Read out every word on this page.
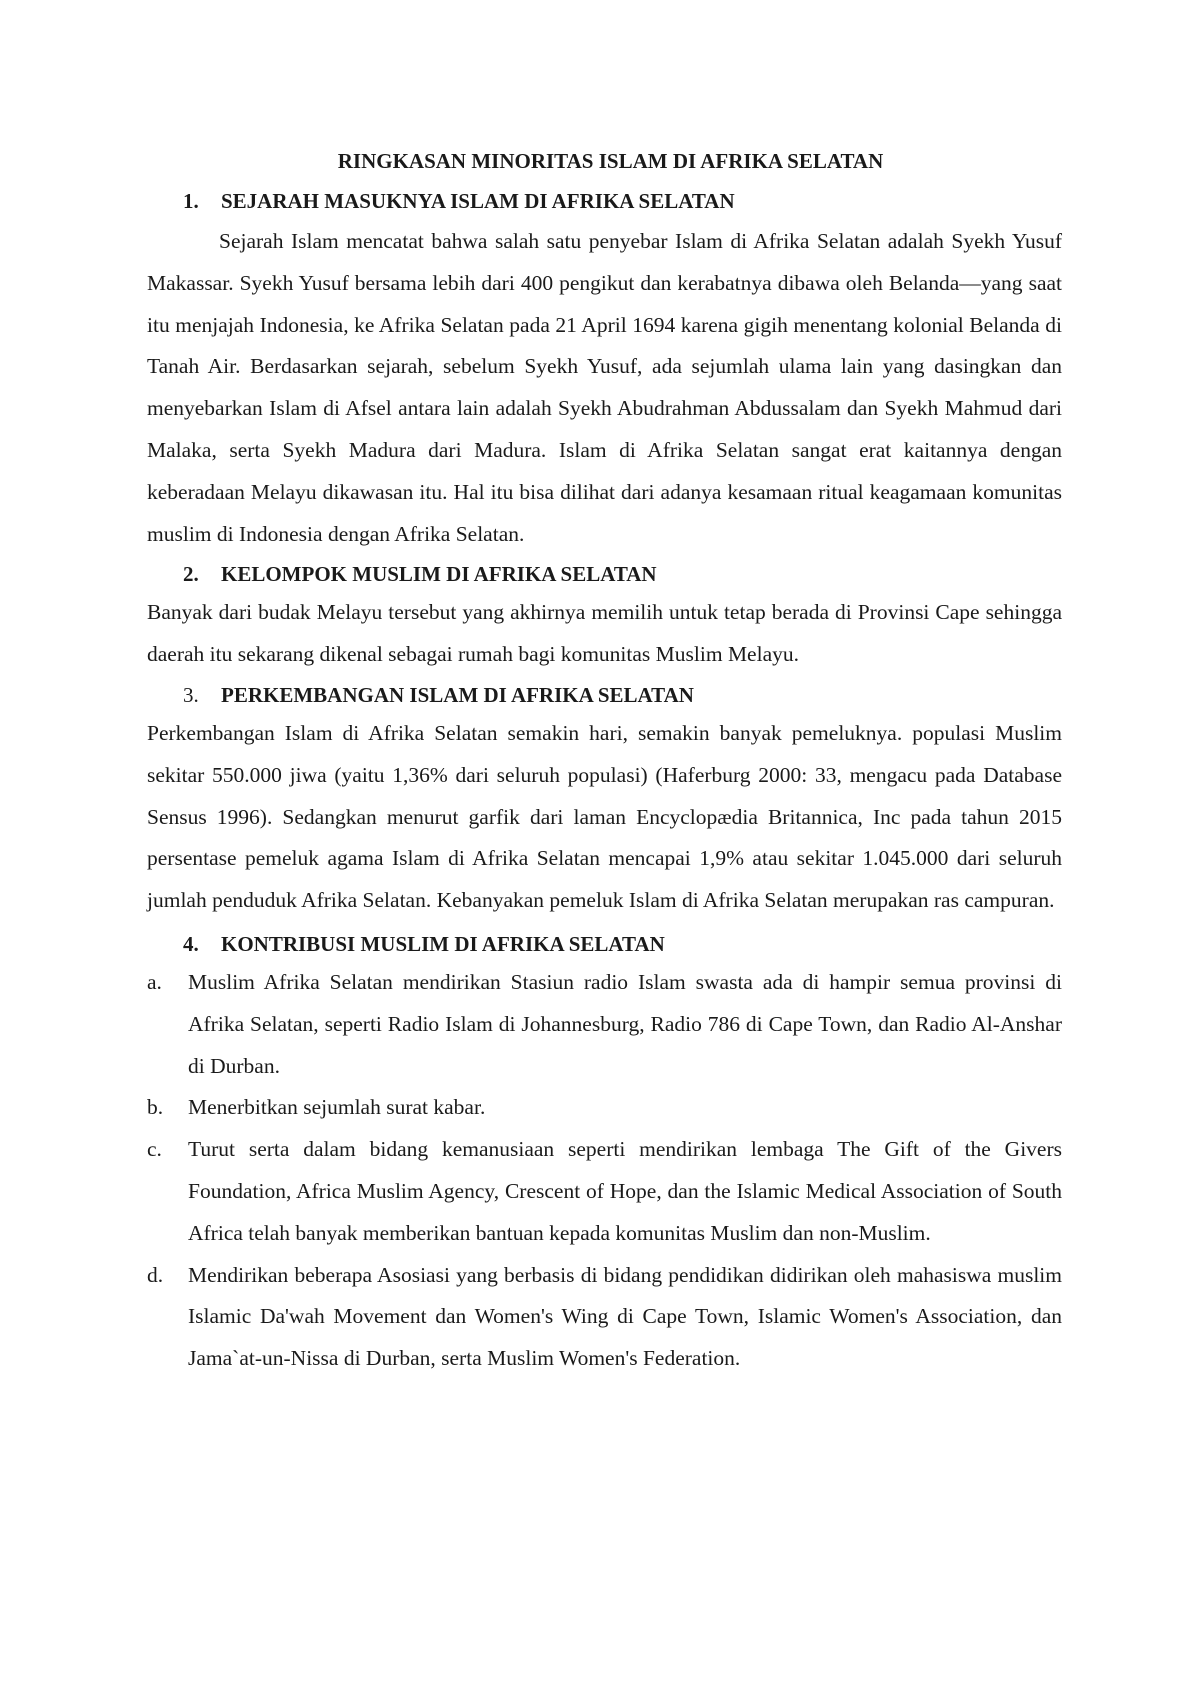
RINGKASAN MINORITAS ISLAM DI AFRIKA SELATAN
1.	SEJARAH MASUKNYA ISLAM DI AFRIKA SELATAN

Sejarah Islam mencatat bahwa salah satu penyebar Islam di Afrika Selatan adalah Syekh Yusuf Makassar. Syekh Yusuf bersama lebih dari 400 pengikut dan kerabatnya dibawa oleh Belanda—yang saat itu menjajah Indonesia, ke Afrika Selatan pada 21 April 1694 karena gigih menentang kolonial Belanda di Tanah Air. Berdasarkan sejarah, sebelum Syekh Yusuf, ada sejumlah ulama lain yang dasingkan dan menyebarkan Islam di Afsel antara lain adalah Syekh Abudrahman Abdussalam dan Syekh Mahmud dari Malaka, serta Syekh Madura dari Madura. Islam di Afrika Selatan sangat erat kaitannya dengan keberadaan Melayu dikawasan itu. Hal itu bisa dilihat dari adanya kesamaan ritual keagamaan komunitas muslim di Indonesia dengan Afrika Selatan.

2.	KELOMPOK MUSLIM DI AFRIKA SELATAN

Banyak dari budak Melayu tersebut yang akhirnya memilih untuk tetap berada di Provinsi Cape sehingga daerah itu sekarang dikenal sebagai rumah bagi komunitas Muslim Melayu.

3.	PERKEMBANGAN ISLAM DI AFRIKA SELATAN

Perkembangan Islam di Afrika Selatan semakin hari, semakin banyak pemeluknya. populasi Muslim sekitar 550.000 jiwa (yaitu 1,36% dari seluruh populasi) (Haferburg 2000: 33, mengacu pada Database Sensus 1996). Sedangkan menurut garfik dari laman Encyclopædia Britannica, Inc pada tahun 2015 persentase pemeluk agama Islam di Afrika Selatan mencapai 1,9% atau sekitar 1.045.000 dari seluruh jumlah penduduk Afrika Selatan. Kebanyakan pemeluk Islam di Afrika Selatan merupakan ras campuran.

4.	KONTRIBUSI MUSLIM DI AFRIKA SELATAN
a.	Muslim Afrika Selatan mendirikan Stasiun radio Islam swasta ada di hampir semua provinsi di Afrika Selatan, seperti Radio Islam di Johannesburg, Radio 786 di Cape Town, dan Radio Al-Anshar di Durban.
b.	Menerbitkan sejumlah surat kabar.
c.	Turut serta dalam bidang kemanusiaan seperti mendirikan lembaga The Gift of the Givers Foundation, Africa Muslim Agency, Crescent of Hope, dan the Islamic Medical Association of South Africa telah banyak memberikan bantuan kepada komunitas Muslim dan non-Muslim.
d.	Mendirikan beberapa Asosiasi yang berbasis di bidang pendidikan didirikan oleh mahasiswa muslim Islamic Da'wah Movement dan Women's Wing di Cape Town, Islamic Women's Association, dan Jama`at-un-Nissa di Durban, serta Muslim Women's Federation.
